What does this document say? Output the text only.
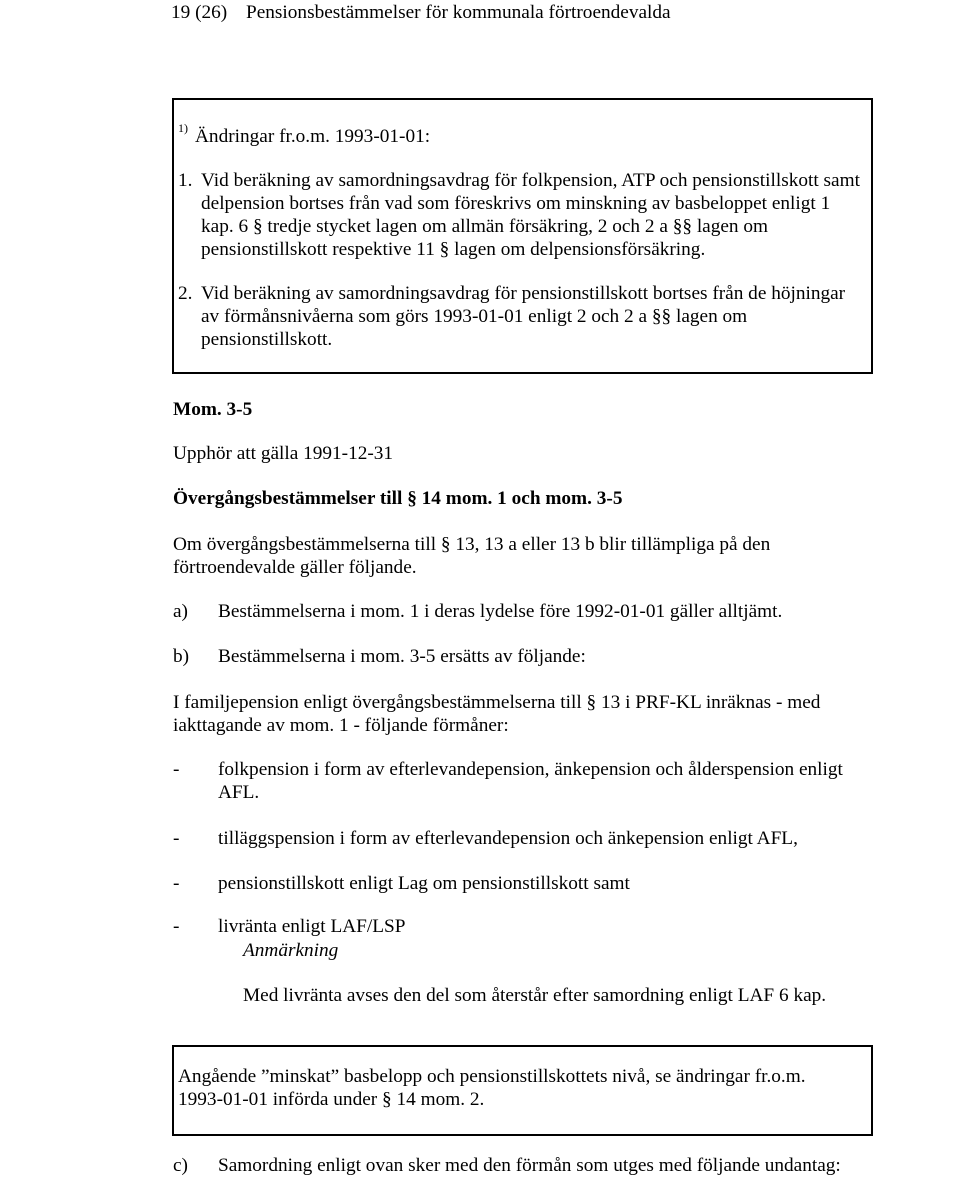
19 (26) Pensionsbestämmelser för kommunala förtroendevalda
1) Ändringar fr.o.m. 1993-01-01:
1. Vid beräkning av samordningsavdrag för folkpension, ATP och pensionstillskott samt
delpension bortses från vad som föreskrivs om minskning av basbeloppet enligt 1
kap. 6 § tredje stycket lagen om allmän försäkring, 2 och 2 a §§ lagen om
pensionstillskott respektive 11 § lagen om delpensionsförsäkring.
2. Vid beräkning av samordningsavdrag för pensionstillskott bortses från de höjningar
av förmånsnivåerna som görs 1993-01-01 enligt 2 och 2 a §§ lagen om
pensionstillskott.
Mom. 3-5
Upphör att gälla 1991-12-31
Övergångsbestämmelser till § 14 mom. 1 och mom. 3-5
Om övergångsbestämmelserna till § 13, 13 a eller 13 b blir tillämpliga på den
förtroendevalde gäller följande.
a) Bestämmelserna i mom. 1 i deras lydelse före 1992-01-01 gäller alltjämt.
b) Bestämmelserna i mom. 3-5 ersätts av följande:
I familjepension enligt övergångsbestämmelserna till § 13 i PRF-KL inräknas - med
iakttagande av mom. 1 - följande förmåner:
- folkpension i form av efterlevandepension, änkepension och ålderspension enligt
AFL.
- tilläggspension i form av efterlevandepension och änkepension enligt AFL,
- pensionstillskott enligt Lag om pensionstillskott samt
- livränta enligt LAF/LSP
Anmärkning
Med livränta avses den del som återstår efter samordning enligt LAF 6 kap.
Angående ”minskat” basbelopp och pensionstillskottets nivå, se ändringar fr.o.m.
1993-01-01 införda under § 14 mom. 2.
c) Samordning enligt ovan sker med den förmån som utges med följande undantag:
